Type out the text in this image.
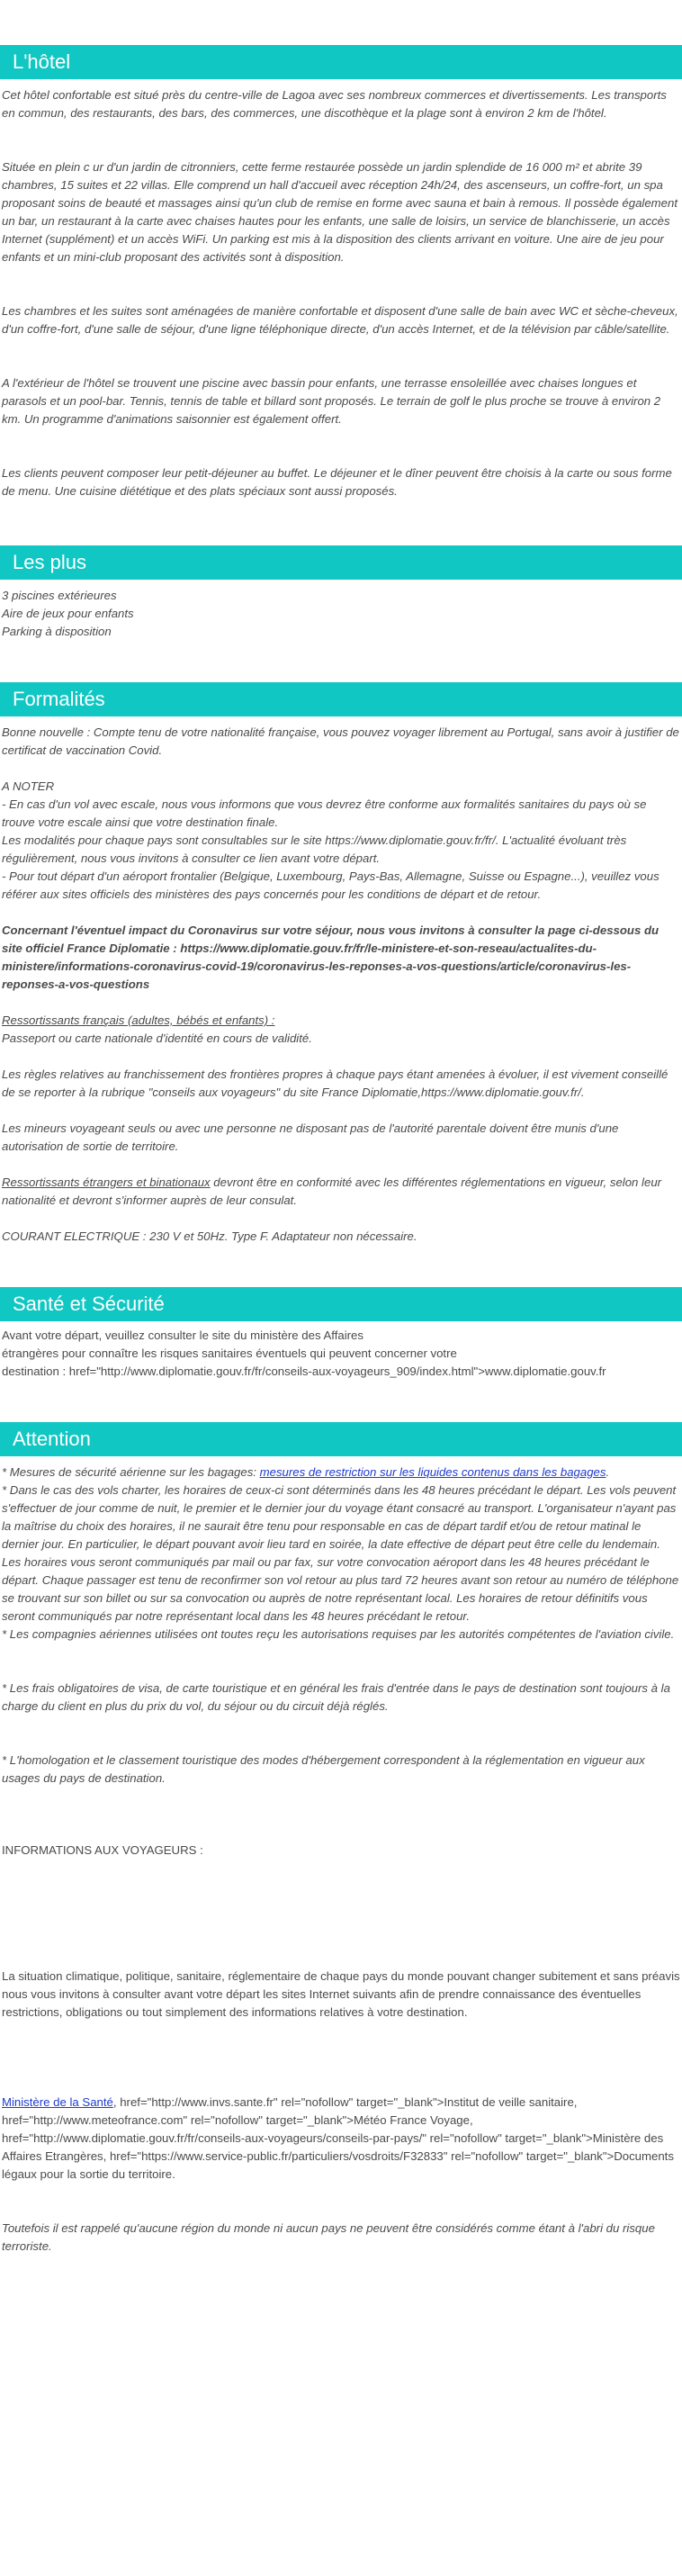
L'hôtel

Cet hôtel confortable est situé près du centre-ville de Lagoa avec ses nombreux commerces et divertissements. Les transports en commun, des restaurants, des bars, des commerces, une discothèque et la plage sont à environ 2 km de l'hôtel.

Située en plein c ur d'un jardin de citronniers, cette ferme restaurée possède un jardin splendide de 16 000 m² et abrite 39 chambres, 15 suites et 22 villas. Elle comprend un hall d'accueil avec réception 24h/24, des ascenseurs, un coffre-fort, un spa proposant soins de beauté et massages ainsi qu'un club de remise en forme avec sauna et bain à remous. Il possède également un bar, un restaurant à la carte avec chaises hautes pour les enfants, une salle de loisirs, un service de blanchisserie, un accès Internet (supplément) et un accès WiFi. Un parking est mis à la disposition des clients arrivant en voiture. Une aire de jeu pour enfants et un mini-club proposant des activités sont à disposition.

Les chambres et les suites sont aménagées de manière confortable et disposent d'une salle de bain avec WC et sèche-cheveux, d'un coffre-fort, d'une salle de séjour, d'une ligne téléphonique directe, d'un accès Internet, et de la télévision par câble/satellite.

A l'extérieur de l'hôtel se trouvent une piscine avec bassin pour enfants, une terrasse ensoleillée avec chaises longues et parasols et un pool-bar. Tennis, tennis de table et billard sont proposés. Le terrain de golf le plus proche se trouve à environ 2 km. Un programme d'animations saisonnier est également offert.

Les clients peuvent composer leur petit-déjeuner au buffet. Le déjeuner et le dîner peuvent être choisis à la carte ou sous forme de menu. Une cuisine diététique et des plats spéciaux sont aussi proposés.

Les plus

3 piscines extérieures

Aire de jeux pour enfants

Parking à disposition

Formalités

Bonne nouvelle : Compte tenu de votre nationalité française, vous pouvez voyager librement au Portugal, sans avoir à justifier de certificat de vaccination Covid.

A NOTER

- En cas d'un vol avec escale, nous vous informons que vous devrez être conforme aux formalités sanitaires du pays où se trouve votre escale ainsi que votre destination finale.

Les modalités pour chaque pays sont consultables sur le site https://www.diplomatie.gouv.fr/fr/. L'actualité évoluant très régulièrement, nous vous invitons à consulter ce lien avant votre départ.

- Pour tout départ d'un aéroport frontalier (Belgique, Luxembourg, Pays-Bas, Allemagne, Suisse ou Espagne...), veuillez vous référer aux sites officiels des ministères des pays concernés pour les conditions de départ et de retour.

Concernant l'éventuel impact du Coronavirus sur votre séjour, nous vous invitons à consulter la page ci-dessous du site officiel France Diplomatie : https://www.diplomatie.gouv.fr/fr/le-ministere-et-son-reseau/actualites-du-ministere/informations-coronavirus-covid-19/coronavirus-les-reponses-a-vos-questions/article/coronavirus-les-reponses-a-vos-questions

Ressortissants français (adultes, bébés et enfants) :

Passeport ou carte nationale d'identité en cours de validité.

Les règles relatives au franchissement des frontières propres à chaque pays étant amenées à évoluer, il est vivement conseillé de se reporter à la rubrique "conseils aux voyageurs" du site France Diplomatie,https://www.diplomatie.gouv.fr/.

Les mineurs voyageant seuls ou avec une personne ne disposant pas de l'autorité parentale doivent être munis d'une autorisation de sortie de territoire.

Ressortissants étrangers et binationaux devront être en conformité avec les différentes réglementations en vigueur, selon leur nationalité et devront s'informer auprès de leur consulat.

COURANT ELECTRIQUE : 230 V et 50Hz. Type F. Adaptateur non nécessaire.

Santé et Sécurité

Avant votre départ, veuillez consulter le site du ministère des Affaires

étrangères pour connaître les risques sanitaires éventuels qui peuvent concerner votre

destination : href="http://www.diplomatie.gouv.fr/fr/conseils-aux-voyageurs_909/index.html">www.diplomatie.gouv.fr

Attention

* Mesures de sécurité aérienne sur les bagages: mesures de restriction sur les liquides contenus dans les bagages.

* Dans le cas des vols charter, les horaires de ceux-ci sont déterminés dans les 48 heures précédant le départ. Les vols peuvent s'effectuer de jour comme de nuit, le premier et le dernier jour du voyage étant consacré au transport. L'organisateur n'ayant pas la maîtrise du choix des horaires, il ne saurait être tenu pour responsable en cas de départ tardif et/ou de retour matinal le dernier jour. En particulier, le départ pouvant avoir lieu tard en soirée, la date effective de départ peut être celle du lendemain. Les horaires vous seront communiqués par mail ou par fax, sur votre convocation aéroport dans les 48 heures précédant le départ. Chaque passager est tenu de reconfirmer son vol retour au plus tard 72 heures avant son retour au numéro de téléphone se trouvant sur son billet ou sur sa convocation ou auprès de notre représentant local. Les horaires de retour définitifs vous seront communiqués par notre représentant local dans les 48 heures précédant le retour.

* Les compagnies aériennes utilisées ont toutes reçu les autorisations requises par les autorités compétentes de l'aviation civile.

* Les frais obligatoires de visa, de carte touristique et en général les frais d'entrée dans le pays de destination sont toujours à la charge du client en plus du prix du vol, du séjour ou du circuit déjà réglés.

* L'homologation et le classement touristique des modes d'hébergement correspondent à la réglementation en vigueur aux usages du pays de destination.

INFORMATIONS AUX VOYAGEURS :

La situation climatique, politique, sanitaire, réglementaire de chaque pays du monde pouvant changer subitement et sans préavis

nous vous invitons à consulter avant votre départ les sites Internet suivants afin de prendre connaissance des éventuelles restrictions, obligations ou tout simplement des informations relatives à votre destination.

Ministère de la Santé, href="http://www.invs.sante.fr" rel="nofollow" target="_blank">Institut de veille sanitaire, href="http://www.meteofrance.com" rel="nofollow" target="_blank">Météo France Voyage, href="http://www.diplomatie.gouv.fr/fr/conseils-aux-voyageurs/conseils-par-pays/" rel="nofollow" target="_blank">Ministère des Affaires Etrangères, href="https://www.service-public.fr/particuliers/vosdroits/F32833" rel="nofollow" target="_blank">Documents légaux pour la sortie du territoire.

Toutefois il est rappelé qu'aucune région du monde ni aucun pays ne peuvent être considérés comme étant à l'abri du risque terroriste.
